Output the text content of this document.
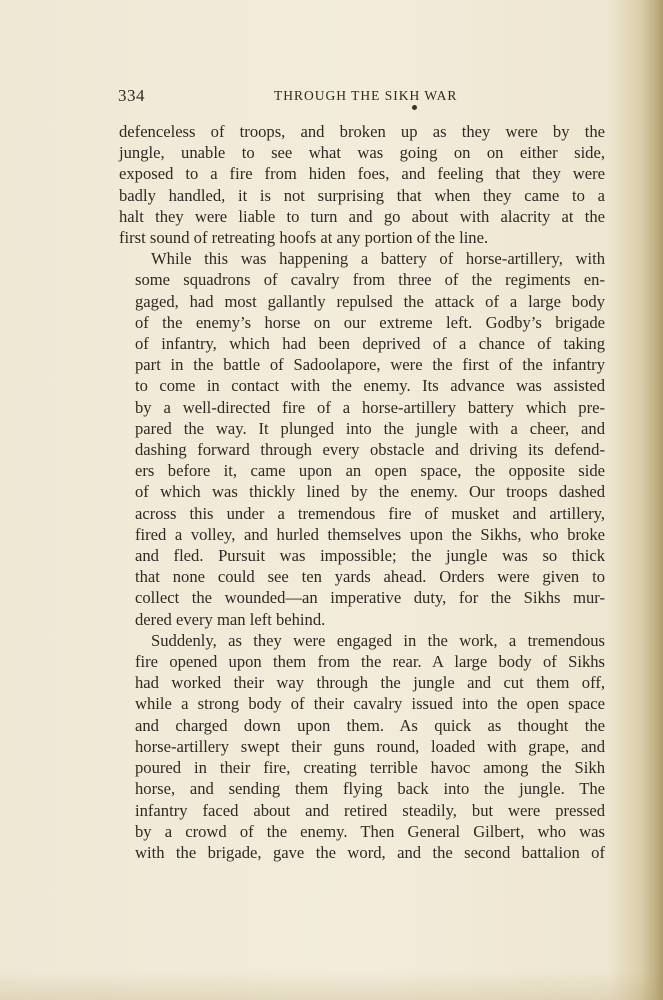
334	THROUGH THE SIKH WAR

defenceless of troops, and broken up as they were by the
jungle, unable to see what was going on on either side,
exposed to a fire from hiden foes, and feeling that they were
badly handled, it is not surprising that when they came to a
halt they were liable to turn and go about with alacrity at the
first sound of retreating hoofs at any portion of the line.

While this was happening a battery of horse-artillery, with
some squadrons of cavalry from three of the regiments en-
gaged, had most gallantly repulsed the attack of a large body
of the enemy’s horse on our extreme left. Godby’s brigade
of infantry, which had been deprived of a chance of taking
part in the battle of Sadoolapore, were the first of the infantry
to come in contact with the enemy. Its advance was assisted
by a well-directed fire of a horse-artillery battery which pre-
pared the way. It plunged into the jungle with a cheer, and
dashing forward through every obstacle and driving its defend-
ers before it, came upon an open space, the opposite side
of which was thickly lined by the enemy. Our troops dashed
across this under a tremendous fire of musket and artillery,
fired a volley, and hurled themselves upon the Sikhs, who broke
and fled. Pursuit was impossible; the jungle was so thick
that none could see ten yards ahead. Orders were given to
collect the wounded—an imperative duty, for the Sikhs mur-
dered every man left behind.

Suddenly, as they were engaged in the work, a tremendous
fire opened upon them from the rear. A large body of Sikhs
had worked their way through the jungle and cut them off,
while a strong body of their cavalry issued into the open space
and charged down upon them. As quick as thought the
horse-artillery swept their guns round, loaded with grape, and
poured in their fire, creating terrible havoc among the Sikh
horse, and sending them flying back into the jungle. The
infantry faced about and retired steadily, but were pressed
by a crowd of the enemy. Then General Gilbert, who was
with the brigade, gave the word, and the second battalion of
